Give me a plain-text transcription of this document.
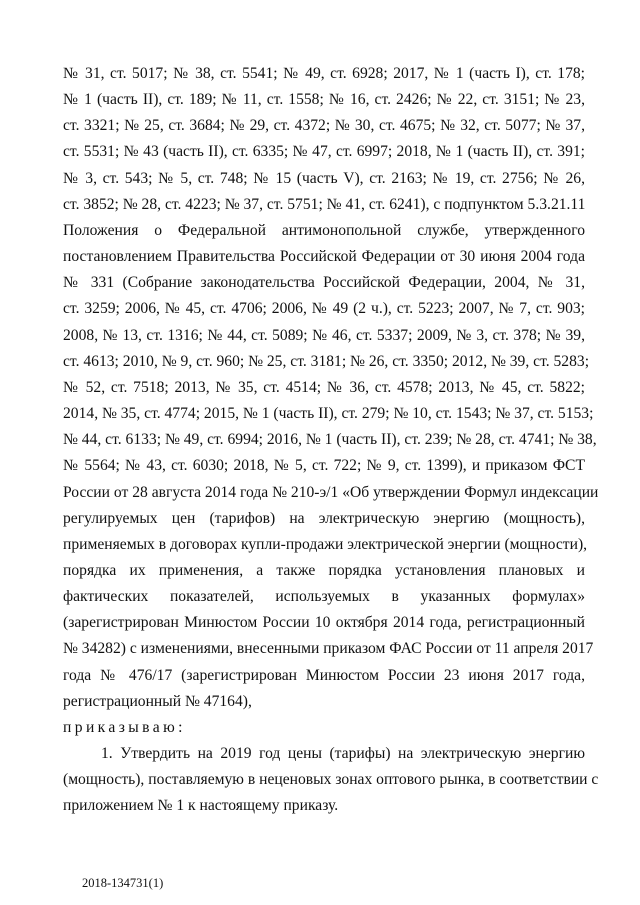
№ 31, ст. 5017; № 38, ст. 5541; № 49, ст. 6928; 2017, № 1 (часть I), ст. 178;
№ 1 (часть II), ст. 189; № 11, ст. 1558; № 16, ст. 2426; № 22, ст. 3151; № 23,
ст. 3321; № 25, ст. 3684; № 29, ст. 4372; № 30, ст. 4675; № 32, ст. 5077; № 37,
ст. 5531; № 43 (часть II), ст. 6335; № 47, ст. 6997; 2018, № 1 (часть II), ст. 391;
№ 3, ст. 543; № 5, ст. 748; № 15 (часть V), ст. 2163; № 19, ст. 2756; № 26,
ст. 3852; № 28, ст. 4223; № 37, ст. 5751; № 41, ст. 6241), с подпунктом 5.3.21.11
Положения о Федеральной антимонопольной службе, утвержденного
постановлением Правительства Российской Федерации от 30 июня 2004 года
№ 331 (Собрание законодательства Российской Федерации, 2004, № 31,
ст. 3259; 2006, № 45, ст. 4706; 2006, № 49 (2 ч.), ст. 5223; 2007, № 7, ст. 903;
2008, № 13, ст. 1316; № 44, ст. 5089; № 46, ст. 5337; 2009, № 3, ст. 378; № 39,
ст. 4613; 2010, № 9, ст. 960; № 25, ст. 3181; № 26, ст. 3350; 2012, № 39, ст. 5283;
№ 52, ст. 7518; 2013, № 35, ст. 4514; № 36, ст. 4578; 2013, № 45, ст. 5822;
2014, № 35, ст. 4774; 2015, № 1 (часть II), ст. 279; № 10, ст. 1543; № 37, ст. 5153;
№ 44, ст. 6133; № 49, ст. 6994; 2016, № 1 (часть II), ст. 239; № 28, ст. 4741; № 38,
№ 5564; № 43, ст. 6030; 2018, № 5, ст. 722; № 9, ст. 1399), и приказом ФСТ
России от 28 августа 2014 года № 210-э/1 «Об утверждении Формул индексации
регулируемых цен (тарифов) на электрическую энергию (мощность),
применяемых в договорах купли-продажи электрической энергии (мощности),
порядка их применения, а также порядка установления плановых и
фактических показателей, используемых в указанных формулах»
(зарегистрирован Минюстом России 10 октября 2014 года, регистрационный
№ 34282) с изменениями, внесенными приказом ФАС России от 11 апреля 2017
года № 476/17 (зарегистрирован Минюстом России 23 июня 2017 года,
регистрационный № 47164),
приказываю:
1. Утвердить на 2019 год цены (тарифы) на электрическую энергию
(мощность), поставляемую в неценовых зонах оптового рынка, в соответствии с
приложением № 1 к настоящему приказу.
2018-134731(1)
